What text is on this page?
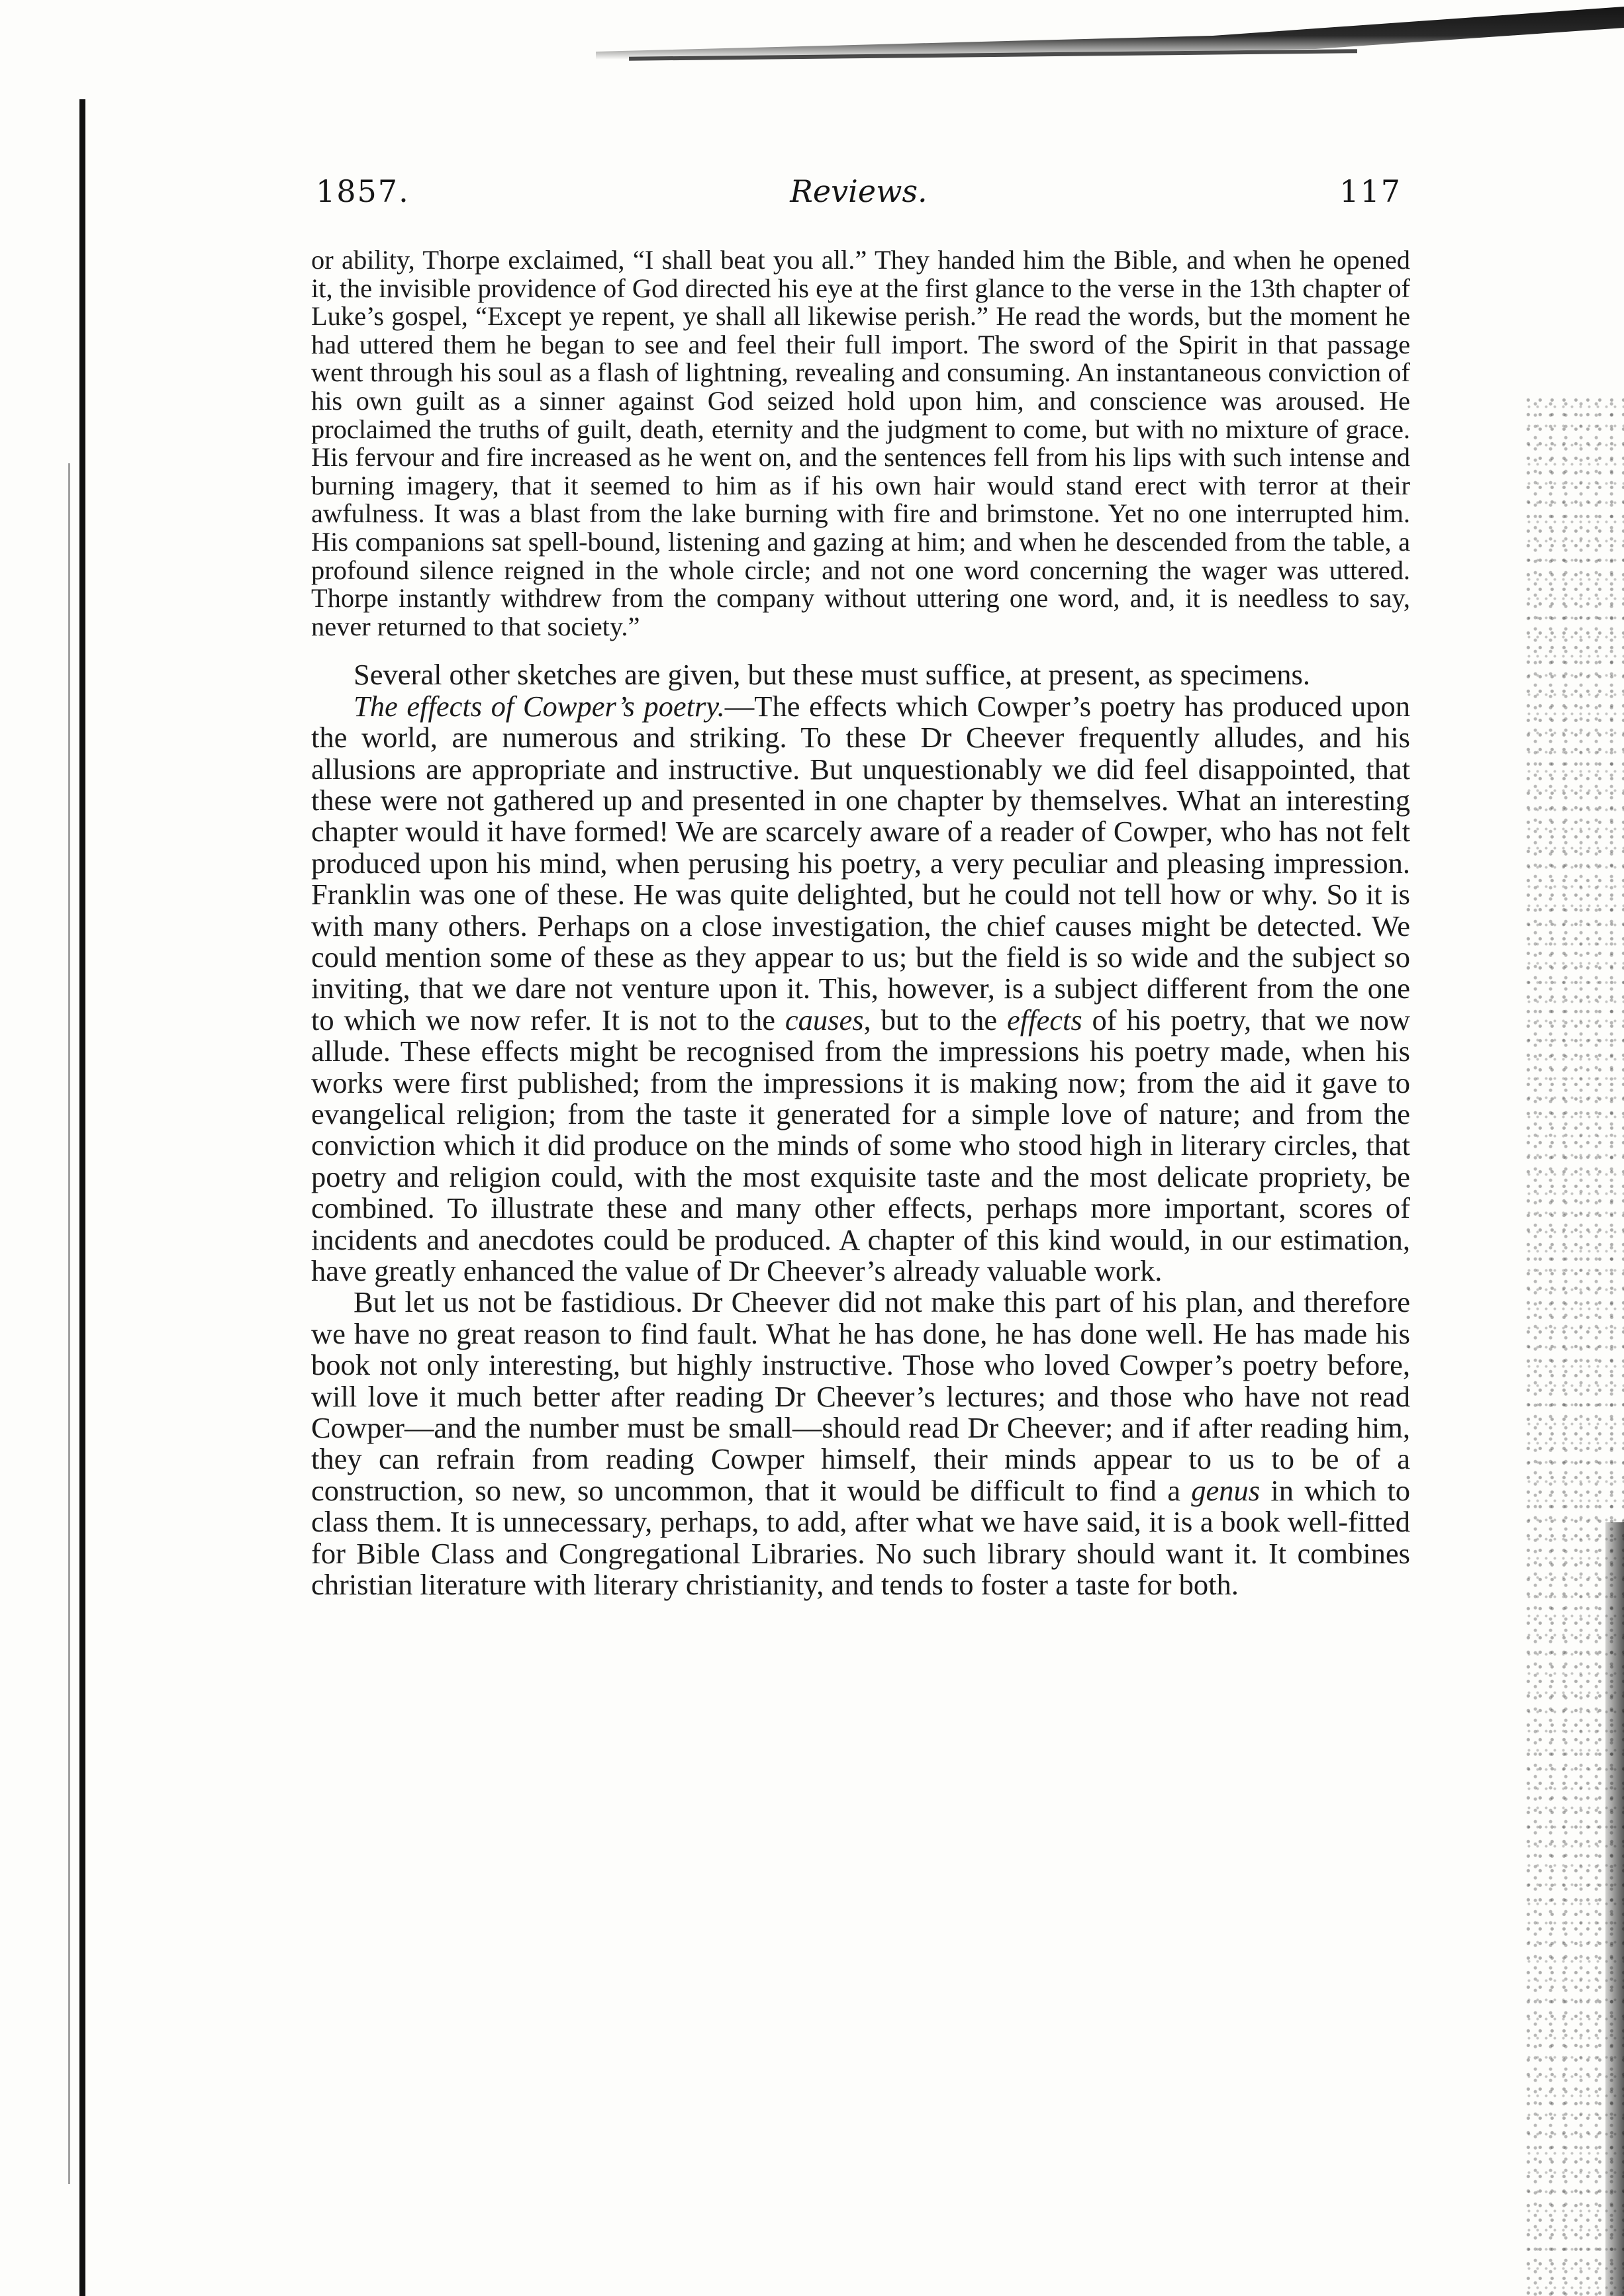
1857.	Reviews.	117

or ability, Thorpe exclaimed, “I shall beat you all.” They handed him the Bible, and when he opened it, the invisible providence of God directed his eye at the first glance to the verse in the 13th chapter of Luke’s gospel, “Except ye repent, ye shall all likewise perish.” He read the words, but the moment he had uttered them he began to see and feel their full import. The sword of the Spirit in that passage went through his soul as a flash of lightning, revealing and consuming. An instantaneous conviction of his own guilt as a sinner against God seized hold upon him, and conscience was aroused. He proclaimed the truths of guilt, death, eternity and the judgment to come, but with no mixture of grace. His fervour and fire increased as he went on, and the sentences fell from his lips with such intense and burning imagery, that it seemed to him as if his own hair would stand erect with terror at their awfulness. It was a blast from the lake burning with fire and brimstone. Yet no one interrupted him. His companions sat spell-bound, listening and gazing at him; and when he descended from the table, a profound silence reigned in the whole circle; and not one word concerning the wager was uttered. Thorpe instantly withdrew from the company without uttering one word, and, it is needless to say, never returned to that society.”

Several other sketches are given, but these must suffice, at present, as specimens.

The effects of Cowper’s poetry.—The effects which Cowper’s poetry has produced upon the world, are numerous and striking. To these Dr Cheever frequently alludes, and his allusions are appropriate and instructive. But unquestionably we did feel disappointed, that these were not gathered up and presented in one chapter by themselves. What an interesting chapter would it have formed! We are scarcely aware of a reader of Cowper, who has not felt produced upon his mind, when perusing his poetry, a very peculiar and pleasing impression. Franklin was one of these. He was quite delighted, but he could not tell how or why. So it is with many others. Perhaps on a close investigation, the chief causes might be detected. We could mention some of these as they appear to us; but the field is so wide and the subject so inviting, that we dare not venture upon it. This, however, is a subject different from the one to which we now refer. It is not to the causes, but to the effects of his poetry, that we now allude. These effects might be recognised from the impressions his poetry made, when his works were first published; from the impressions it is making now; from the aid it gave to evangelical religion; from the taste it generated for a simple love of nature; and from the conviction which it did produce on the minds of some who stood high in literary circles, that poetry and religion could, with the most exquisite taste and the most delicate propriety, be combined. To illustrate these and many other effects, perhaps more important, scores of incidents and anecdotes could be produced. A chapter of this kind would, in our estimation, have greatly enhanced the value of Dr Cheever’s already valuable work.

But let us not be fastidious. Dr Cheever did not make this part of his plan, and therefore we have no great reason to find fault. What he has done, he has done well. He has made his book not only interesting, but highly instructive. Those who loved Cowper’s poetry before, will love it much better after reading Dr Cheever’s lectures; and those who have not read Cowper—and the number must be small—should read Dr Cheever; and if after reading him, they can refrain from reading Cowper himself, their minds appear to us to be of a construction, so new, so uncommon, that it would be difficult to find a genus in which to class them. It is unnecessary, perhaps, to add, after what we have said, it is a book well-fitted for Bible Class and Congregational Libraries. No such library should want it. It combines christian literature with literary christianity, and tends to foster a taste for both.
